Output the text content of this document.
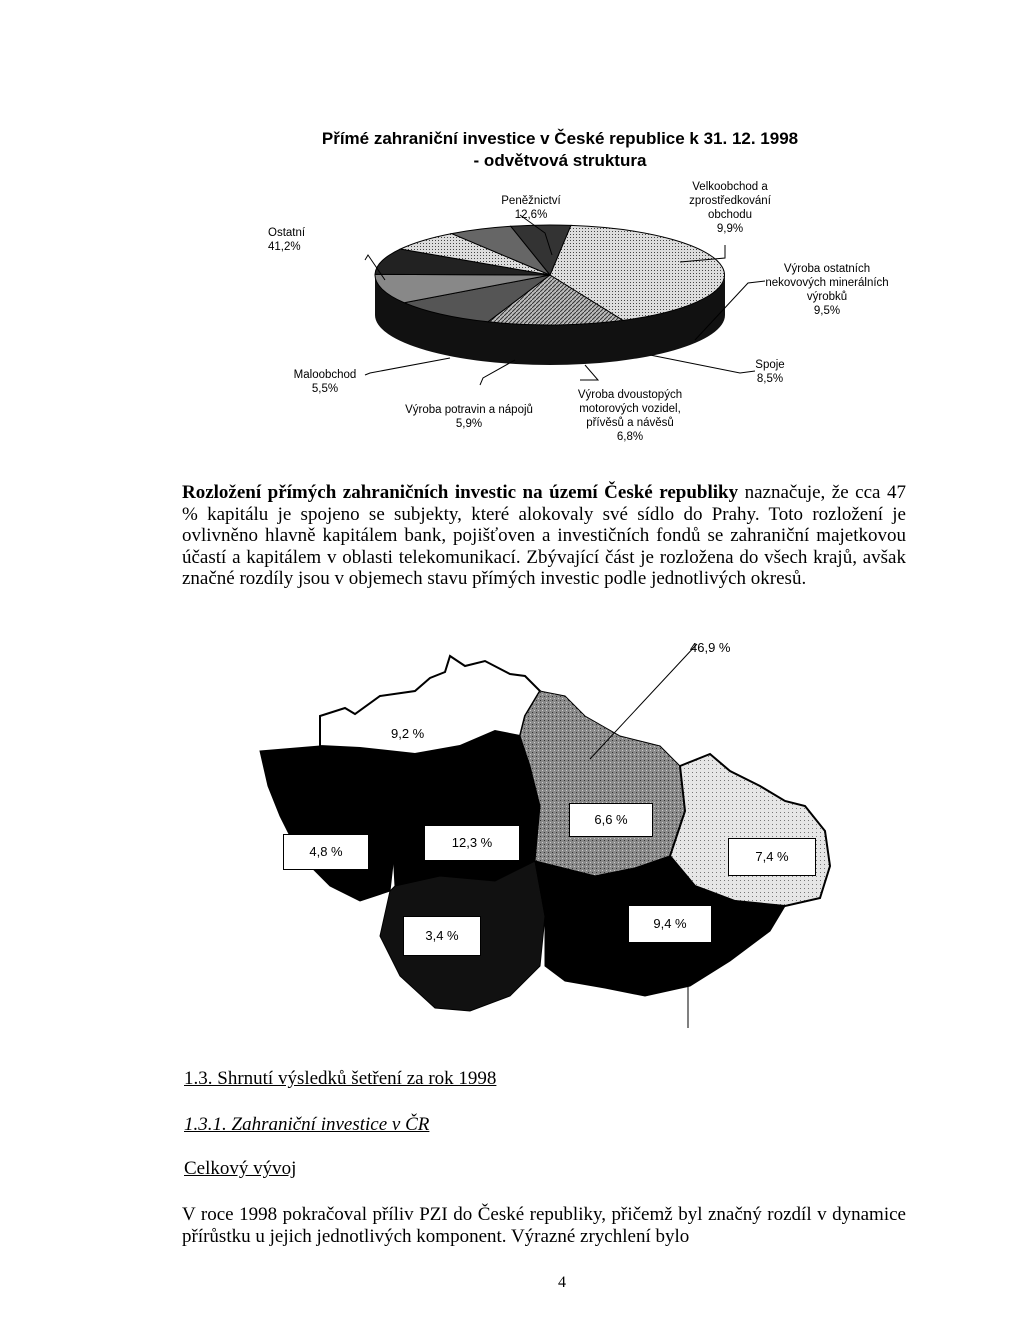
Přímé zahraniční investice v České republice k 31. 12. 1998
- odvětvová struktura
Ostatní
41,2%
Peněžnictví
12,6%
Velkoobchod a
zprostředkování
obchodu
9,9%
Výroba ostatních
nekovových minerálních
výrobků
9,5%
Spoje
8,5%
Výroba dvoustopých
motorových vozidel,
přívěsů a návěsů
6,8%
Výroba potravin a nápojů
5,9%
Maloobchod
5,5%

Rozložení přímých zahraničních investic na území České republiky naznačuje, že cca 47 % kapitálu je spojeno se subjekty, které alokovaly své sídlo do Prahy. Toto rozložení je ovlivněno hlavně kapitálem bank, pojišťoven a investičních fondů se zahraniční majetkovou účastí a kapitálem v oblasti telekomunikací. Zbývající část je rozložena do všech krajů, avšak značné rozdíly jsou v objemech stavu přímých investic podle jednotlivých okresů.

46,9 %
9,2 %
4,8 %
12,3 %
3,4 %
6,6 %
7,4 %
9,4 %
1.3. Shrnutí výsledků šetření za rok 1998
1.3.1. Zahraniční investice v ČR
Celkový vývoj

V roce 1998 pokračoval příliv PZI do České republiky, přičemž byl značný rozdíl v dynamice přírůstku u jejich jednotlivých komponent. Výrazné zrychlení bylo

4
